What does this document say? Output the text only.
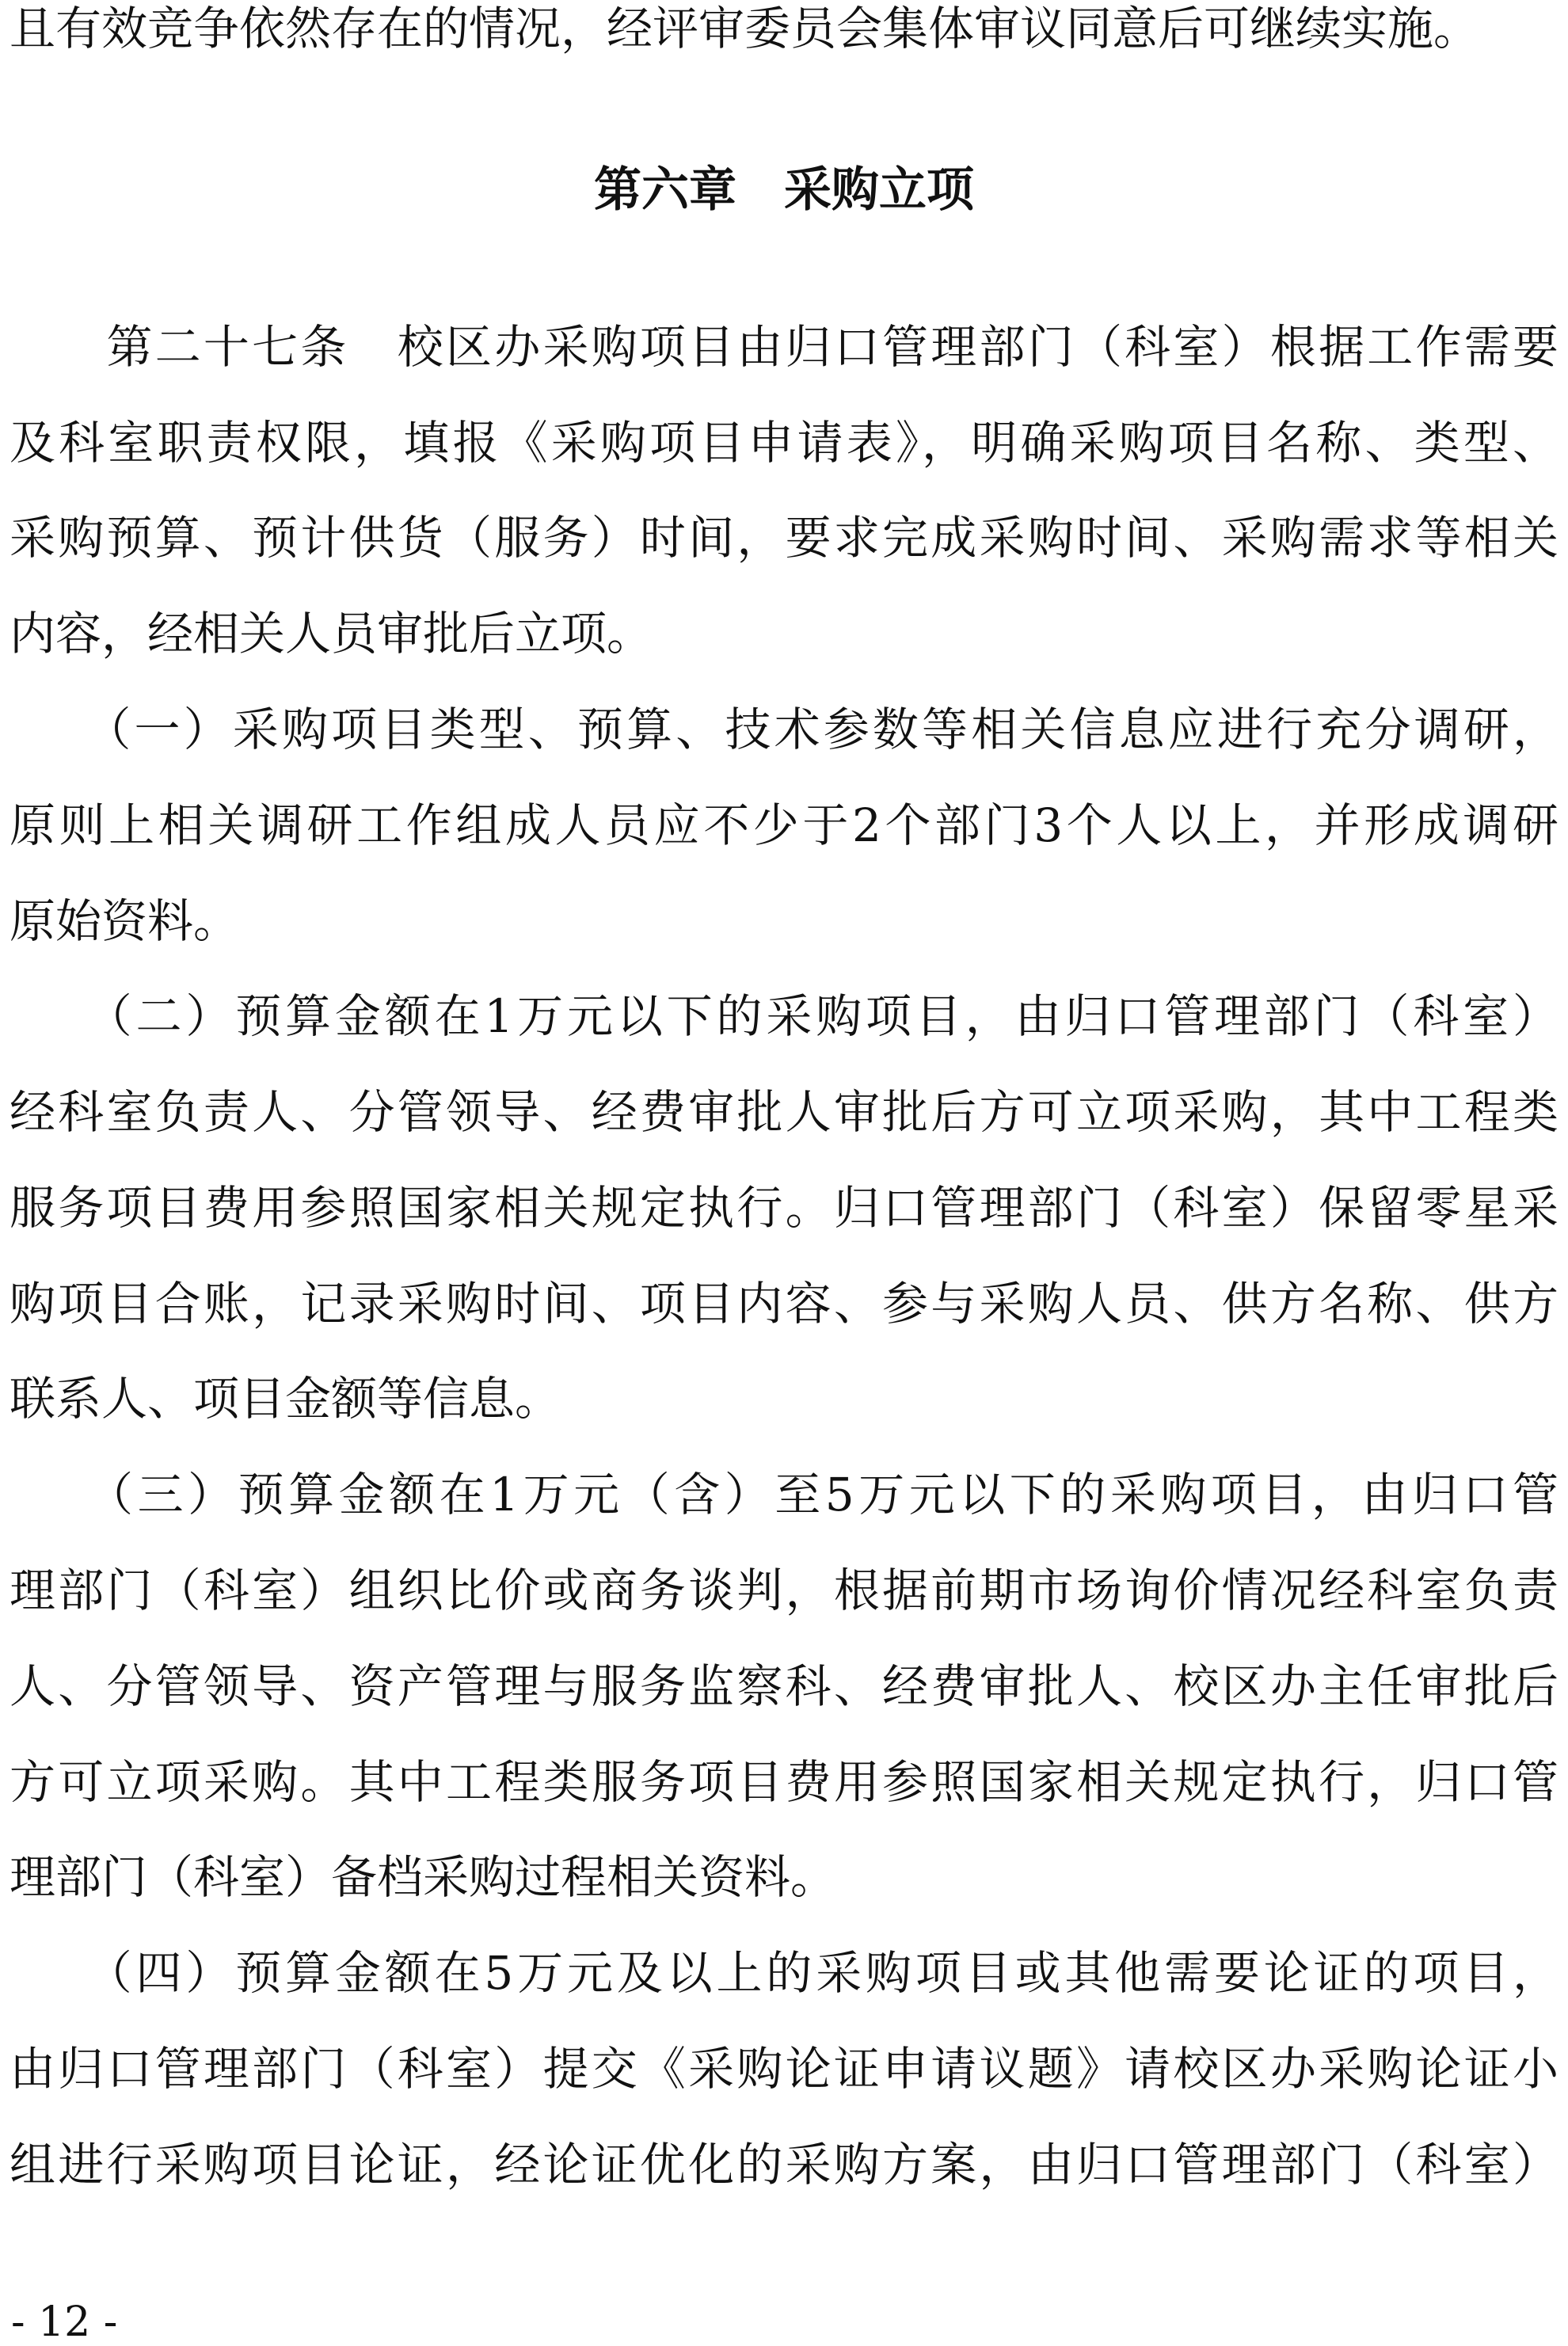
且有效竞争依然存在的情况，经评审委员会集体审议同意后可继续实施。
第六章　采购立项
　　第二十七条　校区办采购项目由归口管理部门（科室）根据工作需要
及科室职责权限，填报《采购项目申请表》，明确采购项目名称、类型、
采购预算、预计供货（服务）时间，要求完成采购时间、采购需求等相关
内容，经相关人员审批后立项。
　　（一）采购项目类型、预算、技术参数等相关信息应进行充分调研，
原则上相关调研工作组成人员应不少于2个部门3个人以上，并形成调研
原始资料。
　　（二）预算金额在1万元以下的采购项目，由归口管理部门（科室）
经科室负责人、分管领导、经费审批人审批后方可立项采购，其中工程类
服务项目费用参照国家相关规定执行。归口管理部门（科室）保留零星采
购项目合账，记录采购时间、项目内容、参与采购人员、供方名称、供方
联系人、项目金额等信息。
　　（三）预算金额在1万元（含）至5万元以下的采购项目，由归口管
理部门（科室）组织比价或商务谈判，根据前期市场询价情况经科室负责
人、分管领导、资产管理与服务监察科、经费审批人、校区办主任审批后
方可立项采购。其中工程类服务项目费用参照国家相关规定执行，归口管
理部门（科室）备档采购过程相关资料。
　　（四）预算金额在5万元及以上的采购项目或其他需要论证的项目，
由归口管理部门（科室）提交《采购论证申请议题》请校区办采购论证小
组进行采购项目论证，经论证优化的采购方案，由归口管理部门（科室）
- 12 -
